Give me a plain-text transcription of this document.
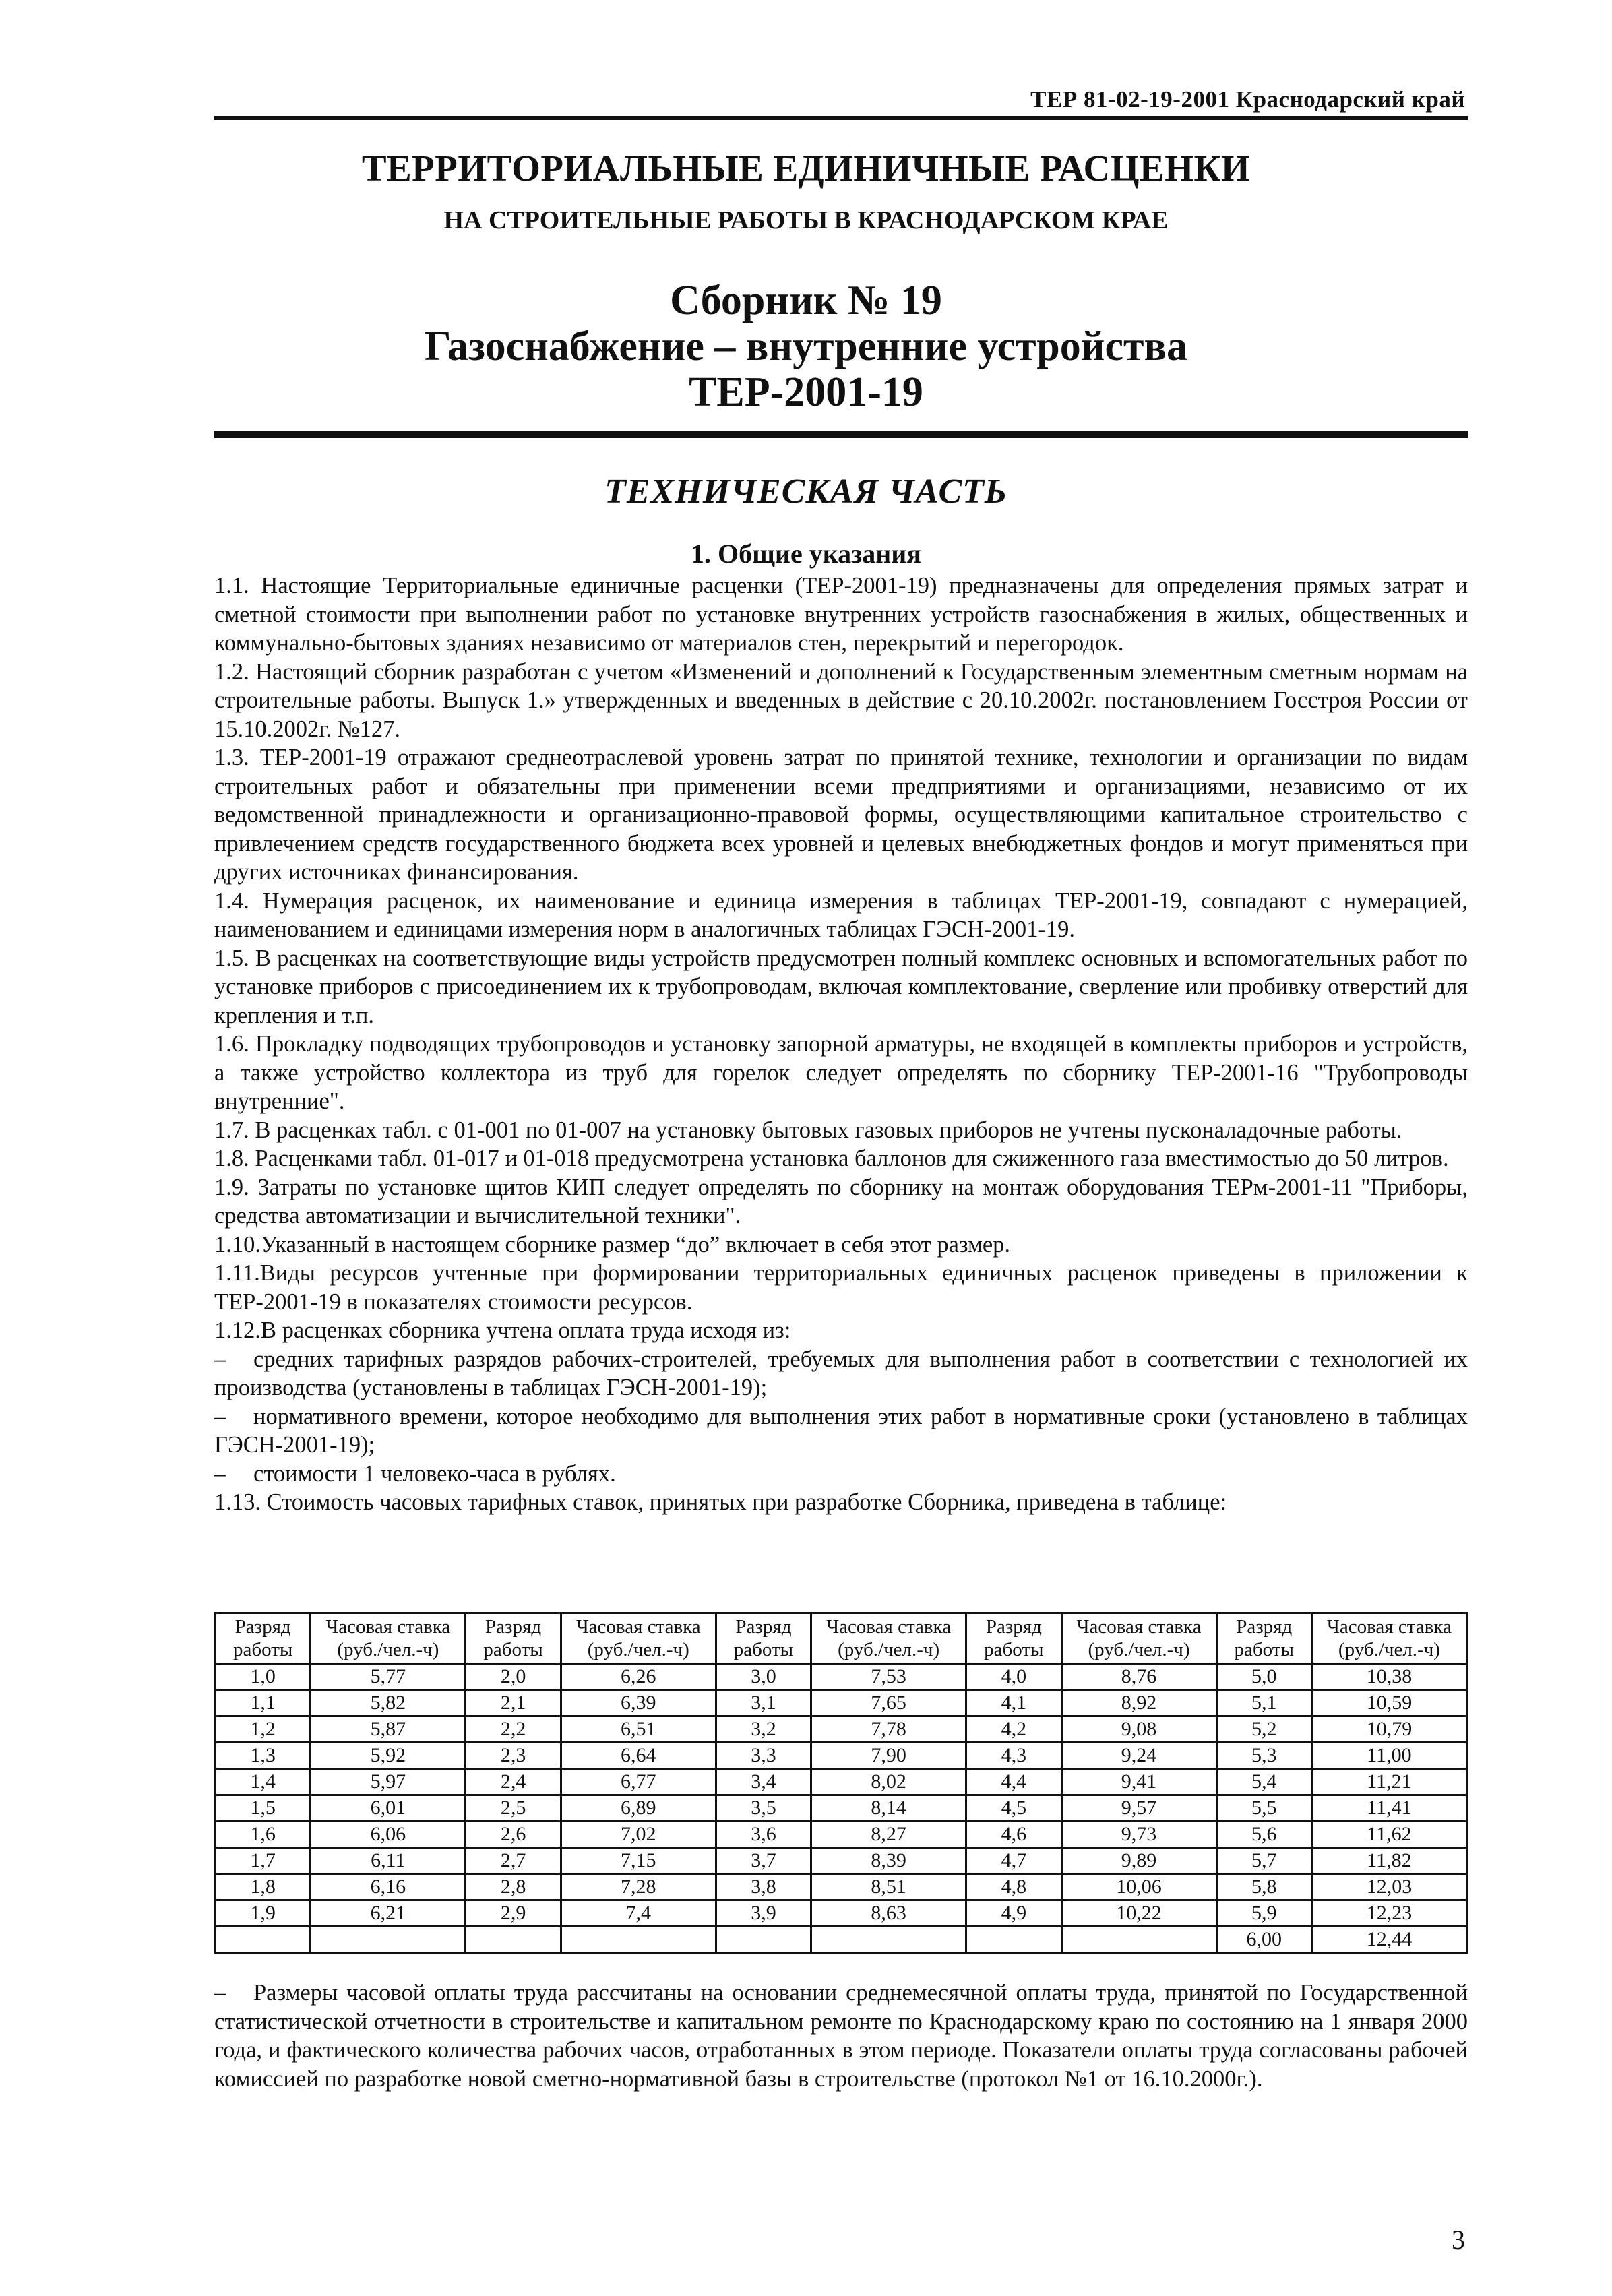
ТЕР 81-02-19-2001 Краснодарский край
ТЕРРИТОРИАЛЬНЫЕ ЕДИНИЧНЫЕ РАСЦЕНКИ
НА СТРОИТЕЛЬНЫЕ РАБОТЫ В КРАСНОДАРСКОМ КРАЕ
Сборник № 19
Газоснабжение – внутренние устройства
ТЕР-2001-19
ТЕХНИЧЕСКАЯ ЧАСТЬ
1. Общие указания

1.1. Настоящие Территориальные единичные расценки (ТЕР-2001-19) предназначены для определения прямых затрат и сметной стоимости при выполнении работ по установке внутренних устройств газоснабжения в жилых, общественных и коммунально-бытовых зданиях независимо от материалов стен, перекрытий и перегородок.

1.2. Настоящий сборник разработан с учетом «Изменений и дополнений к Государственным элементным сметным нормам на строительные работы. Выпуск 1.» утвержденных и введенных в действие с 20.10.2002г. постановлением Госстроя России от 15.10.2002г. №127.

1.3. ТЕР-2001-19 отражают среднеотраслевой уровень затрат по принятой технике, технологии и организации по видам строительных работ и обязательны при применении всеми предприятиями и организациями, независимо от их ведомственной принадлежности и организационно-правовой формы, осуществляющими капитальное строительство с привлечением средств государственного бюджета всех уровней и целевых внебюджетных фондов и могут применяться при других источниках финансирования.

1.4. Нумерация расценок, их наименование и единица измерения в таблицах ТЕР-2001-19, совпадают с нумерацией, наименованием и единицами измерения норм в аналогичных таблицах ГЭСН-2001-19.

1.5. В расценках на соответствующие виды устройств предусмотрен полный комплекс основных и вспомогательных работ по установке приборов с присоединением их к трубопроводам, включая комплектование, сверление или пробивку отверстий для крепления и т.п.

1.6. Прокладку подводящих трубопроводов и установку запорной арматуры, не входящей в комплекты приборов и устройств, а также устройство коллектора из труб для горелок следует определять по сборнику ТЕР-2001-16 "Трубопроводы внутренние".

1.7. В расценках табл. с 01-001 по 01-007 на установку бытовых газовых приборов не учтены пусконаладочные работы.

1.8. Расценками табл. 01-017 и 01-018 предусмотрена установка баллонов для сжиженного газа вместимостью до 50 литров.

1.9. Затраты по установке щитов КИП следует определять по сборнику на монтаж оборудования ТЕРм-2001-11 "Приборы, средства автоматизации и вычислительной техники".

1.10.Указанный в настоящем сборнике размер “до” включает в себя этот размер.

1.11.Виды ресурсов учтенные при формировании территориальных единичных расценок приведены в приложении к ТЕР-2001-19 в показателях стоимости ресурсов.

1.12.В расценках сборника учтена оплата труда исходя из:

– средних тарифных разрядов рабочих-строителей, требуемых для выполнения работ в соответствии с технологией их производства (установлены в таблицах ГЭСН-2001-19);

– нормативного времени, которое необходимо для выполнения этих работ в нормативные сроки (установлено в таблицах ГЭСН-2001-19);

– стоимости 1 человеко-часа в рублях.

1.13. Стоимость часовых тарифных ставок, принятых при разработке Сборника, приведена в таблице:

Разряд работы	Часовая ставка (руб./чел.-ч)	Разряд работы	Часовая ставка (руб./чел.-ч)	Разряд работы	Часовая ставка (руб./чел.-ч)	Разряд работы	Часовая ставка (руб./чел.-ч)	Разряд работы	Часовая ставка (руб./чел.-ч)
1,0	5,77	2,0	6,26	3,0	7,53	4,0	8,76	5,0	10,38
1,1	5,82	2,1	6,39	3,1	7,65	4,1	8,92	5,1	10,59
1,2	5,87	2,2	6,51	3,2	7,78	4,2	9,08	5,2	10,79
1,3	5,92	2,3	6,64	3,3	7,90	4,3	9,24	5,3	11,00
1,4	5,97	2,4	6,77	3,4	8,02	4,4	9,41	5,4	11,21
1,5	6,01	2,5	6,89	3,5	8,14	4,5	9,57	5,5	11,41
1,6	6,06	2,6	7,02	3,6	8,27	4,6	9,73	5,6	11,62
1,7	6,11	2,7	7,15	3,7	8,39	4,7	9,89	5,7	11,82
1,8	6,16	2,8	7,28	3,8	8,51	4,8	10,06	5,8	12,03
1,9	6,21	2,9	7,4	3,9	8,63	4,9	10,22	5,9	12,23
								6,00	12,44

– Размеры часовой оплаты труда рассчитаны на основании среднемесячной оплаты труда, принятой по Государственной статистической отчетности в строительстве и капитальном ремонте по Краснодарскому краю по состоянию на 1 января 2000 года, и фактического количества рабочих часов, отработанных в этом периоде. Показатели оплаты труда согласованы рабочей комиссией по разработке новой сметно-нормативной базы в строительстве (протокол №1 от 16.10.2000г.).

3
